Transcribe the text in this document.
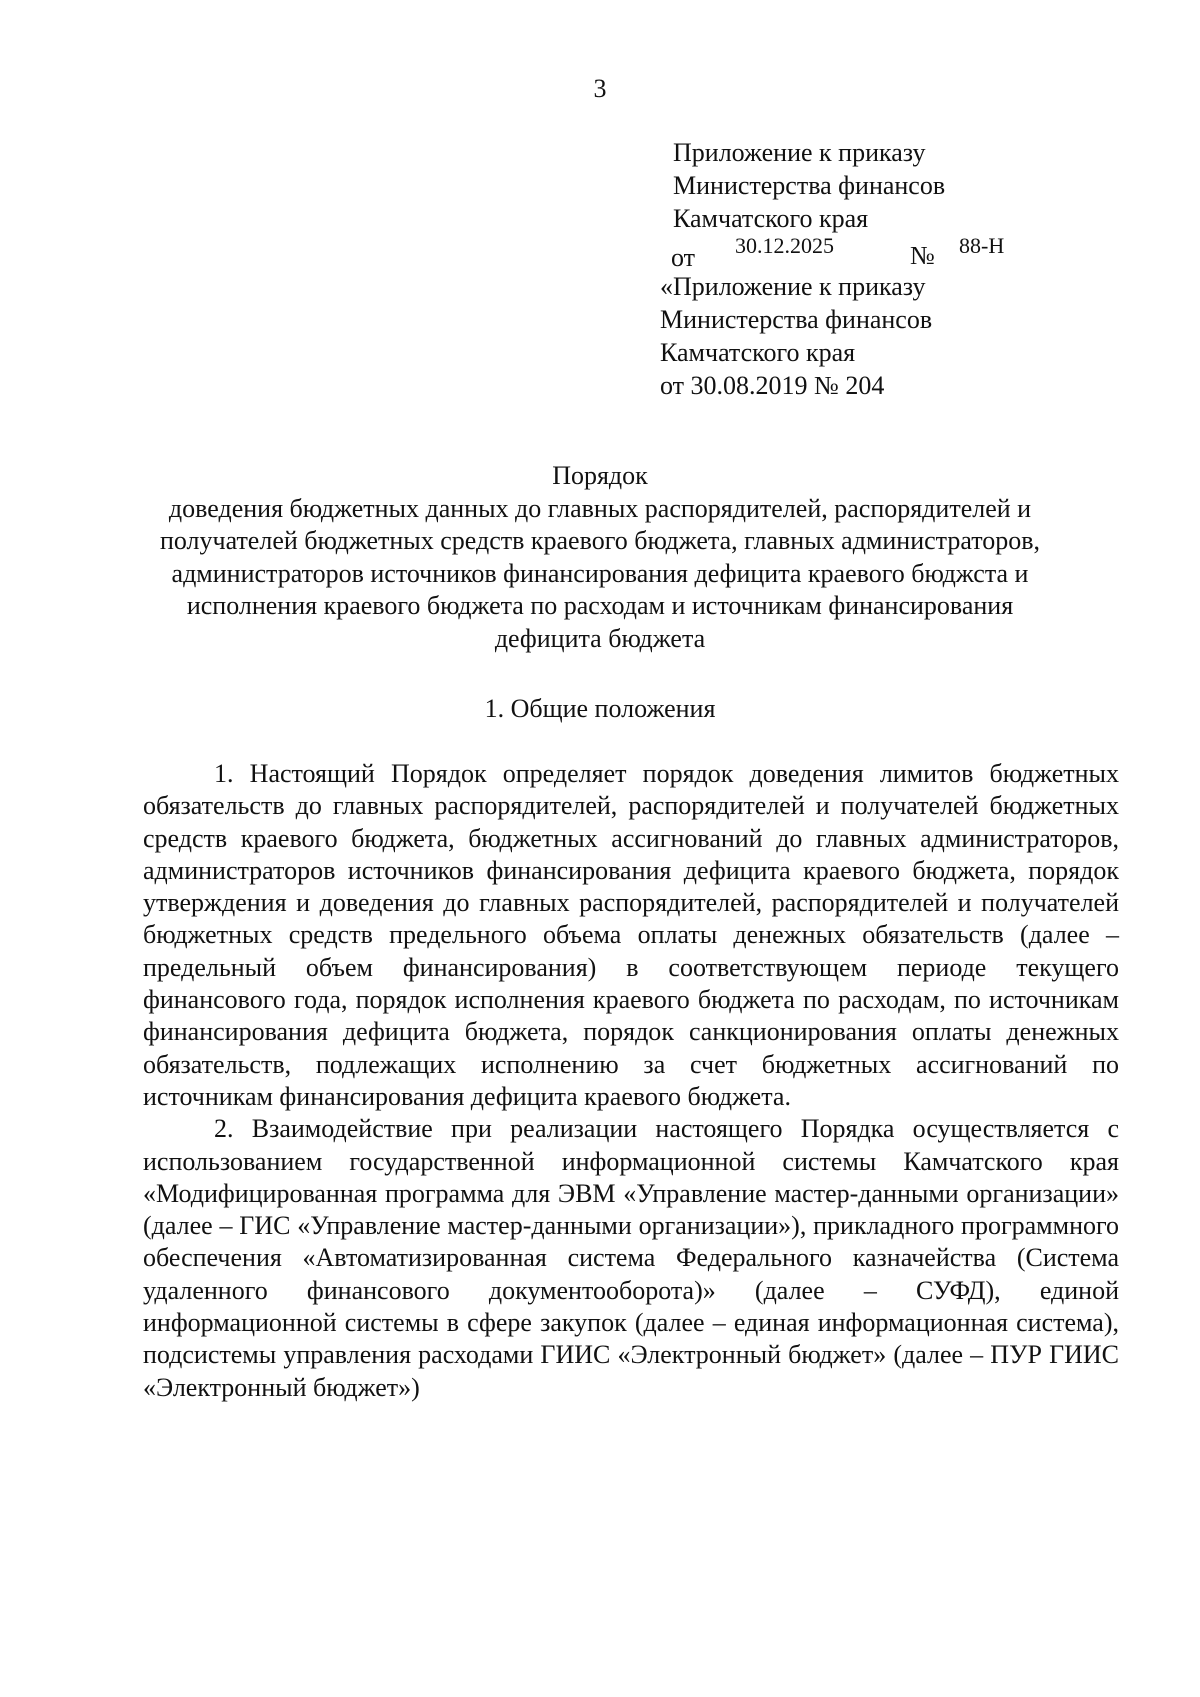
3
Приложение к приказу
Министерства финансов
Камчатского края
от 30.12.2025	№ 88-Н
«Приложение к приказу
Министерства финансов
Камчатского края
от 30.08.2019 № 204
Порядок
доведения бюджетных данных до главных распорядителей, распорядителей и
получателей бюджетных средств краевого бюджета, главных администраторов,
администраторов источников финансирования дефицита краевого бюджста и
исполнения краевого бюджета по расходам и источникам финансирования
дефицита бюджета
1. Общие положения

1. Настоящий Порядок определяет порядок доведения лимитов бюджетных обязательств до главных распорядителей, распорядителей и получателей бюджетных средств краевого бюджета, бюджетных ассигнований до главных администраторов, администраторов источников финансирования дефицита краевого бюджета, порядок утверждения и доведения до главных распорядителей, распорядителей и получателей бюджетных средств предельного объема оплаты денежных обязательств (далее – предельный объем финансирования) в соответствующем периоде текущего финансового года, порядок исполнения краевого бюджета по расходам, по источникам финансирования дефицита бюджета, порядок санкционирования оплаты денежных обязательств, подлежащих исполнению за счет бюджетных ассигнований по источникам финансирования дефицита краевого бюджета.

2. Взаимодействие при реализации настоящего Порядка осуществляется с использованием государственной информационной системы Камчатского края «Модифицированная программа для ЭВМ «Управление мастер-данными организации» (далее – ГИС «Управление мастер-данными организации»), прикладного программного обеспечения «Автоматизированная система Федерального казначейства (Система удаленного финансового документооборота)» (далее – СУФД), единой информационной системы в сфере закупок (далее – единая информационная система), подсистемы управления расходами ГИИС «Электронный бюджет» (далее – ПУР ГИИС «Электронный бюджет»)
